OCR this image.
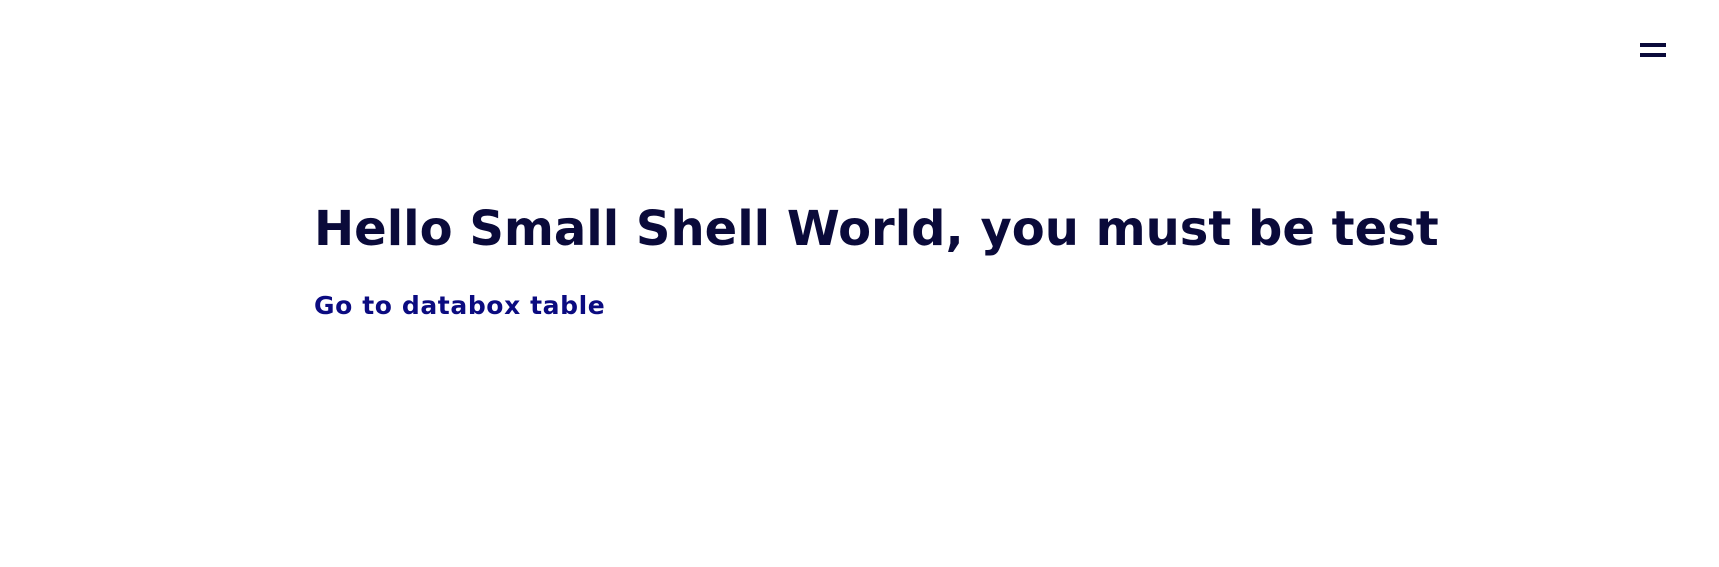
Hello Small Shell World, you must be test
Go to databox table
